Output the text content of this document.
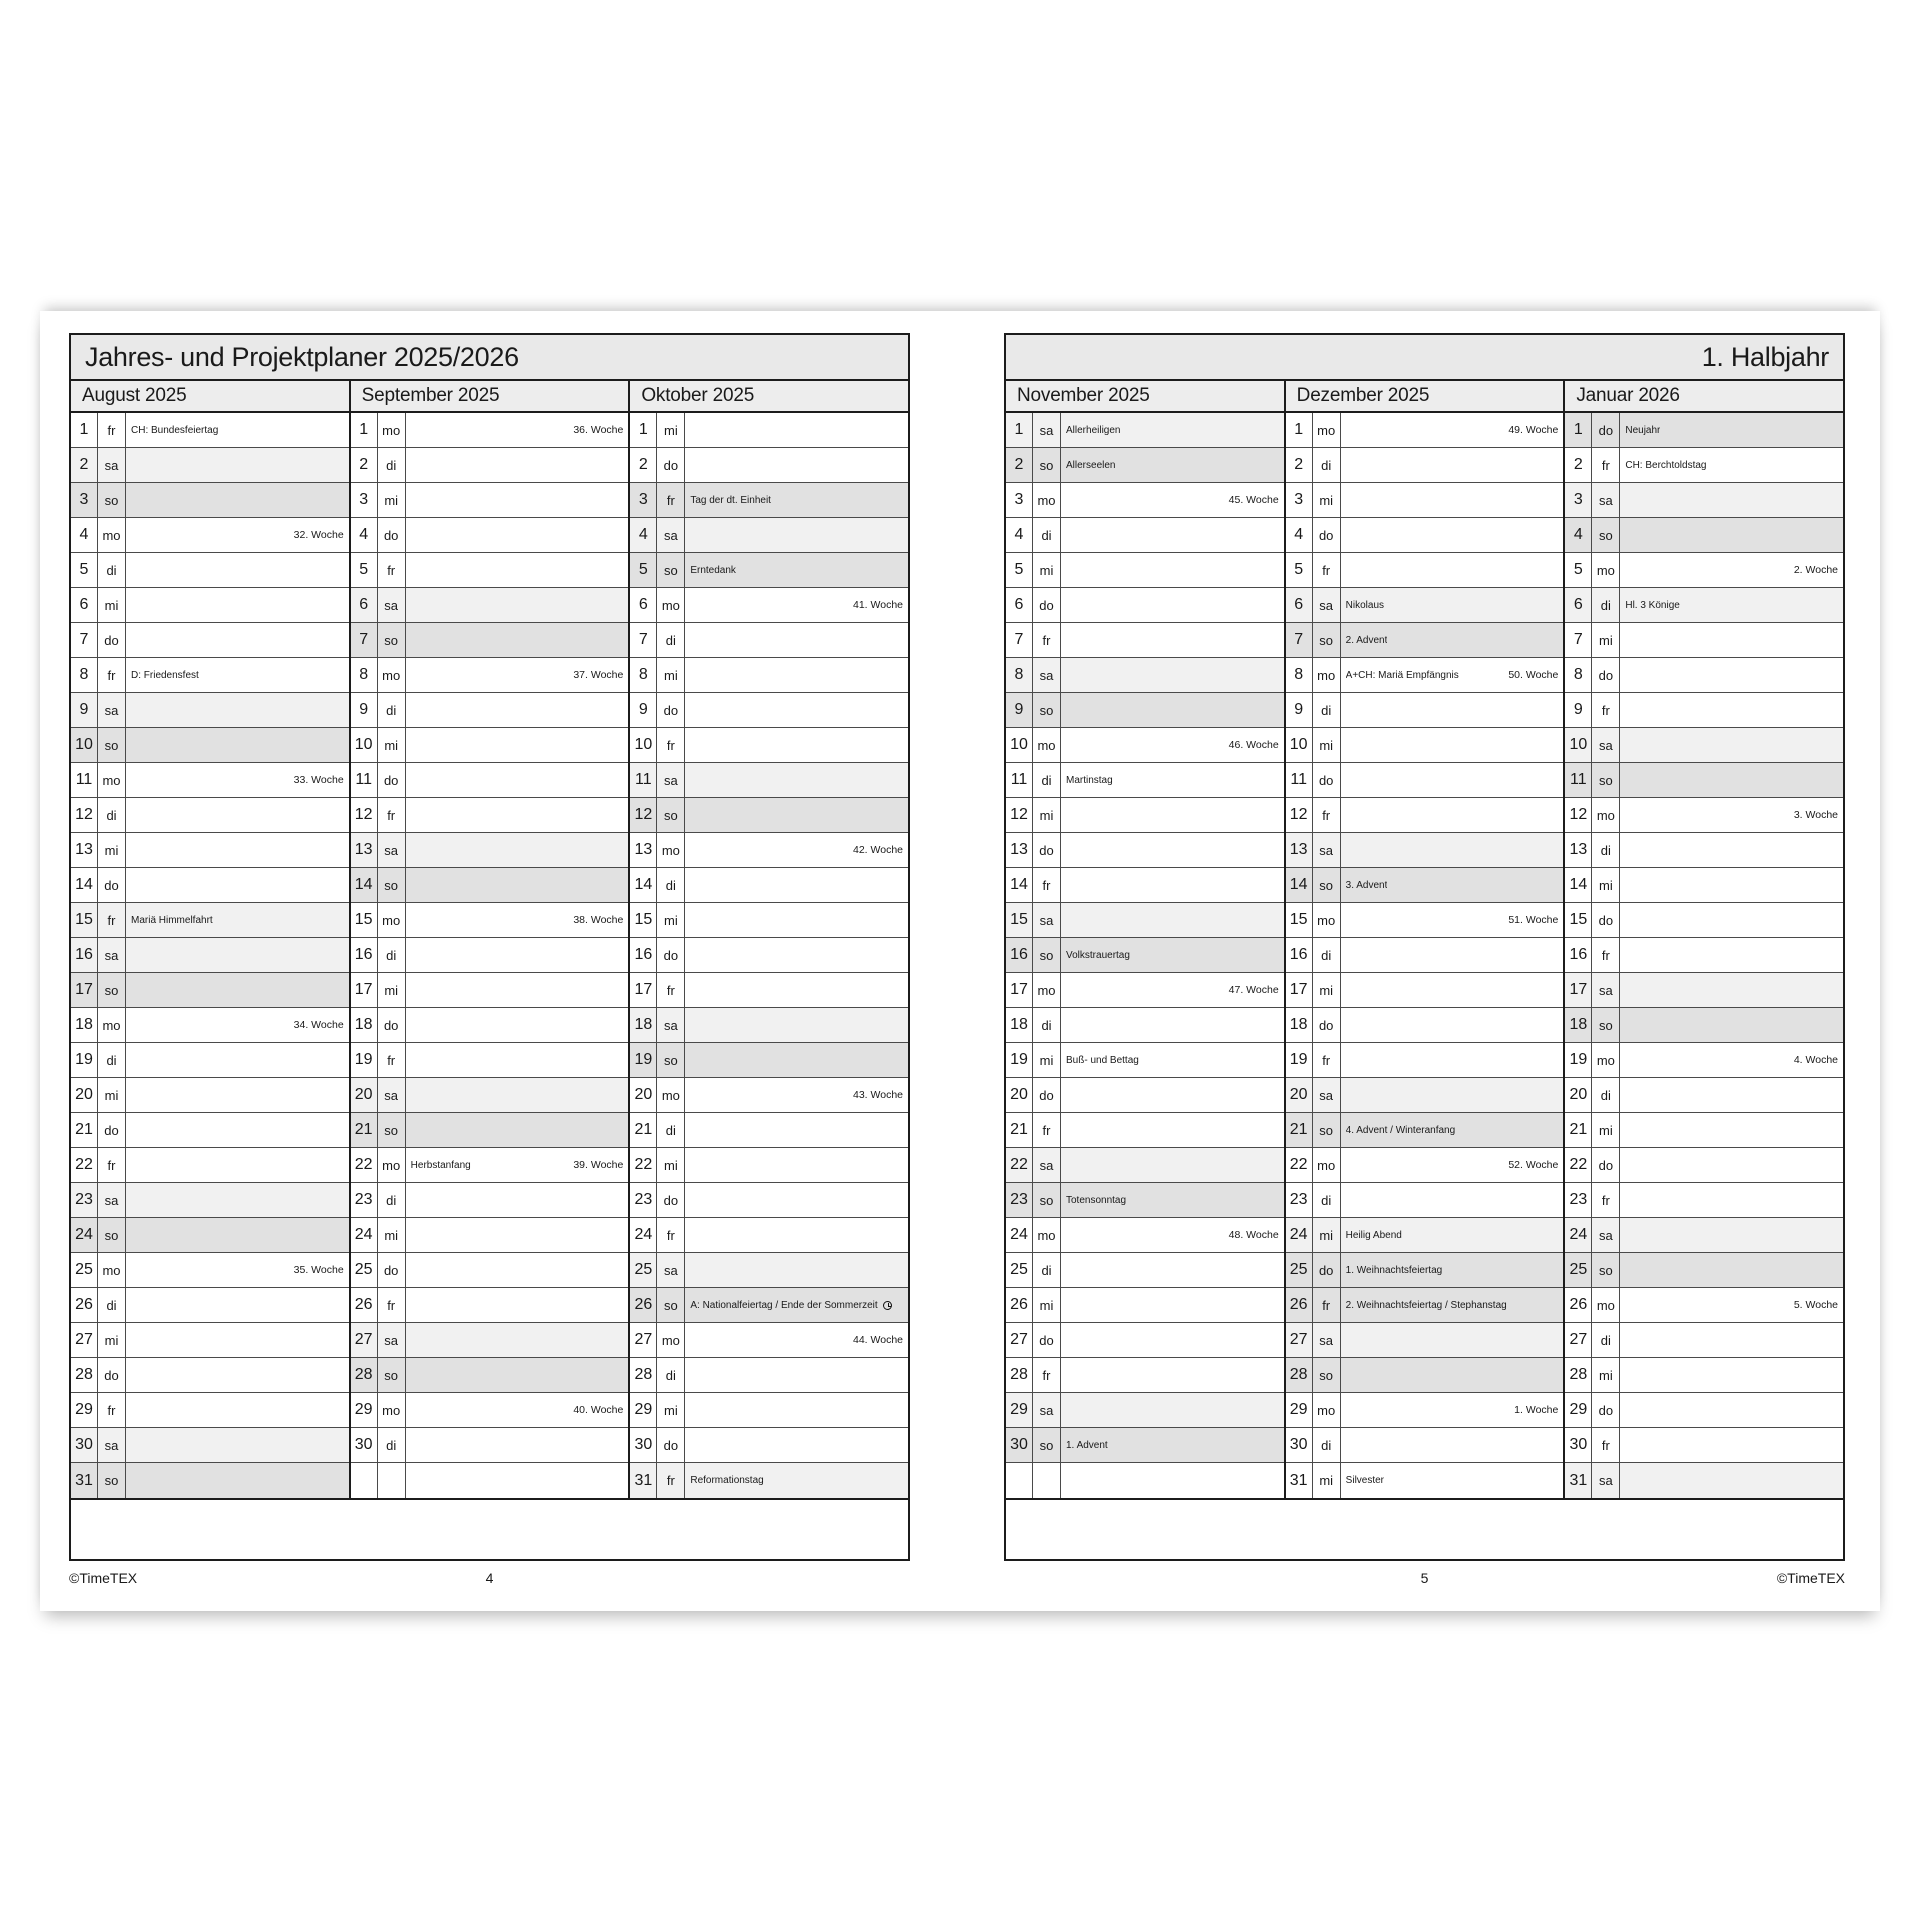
Jahres- und Projektplaner 2025/2026
August 2025	September 2025	Oktober 2025
1	fr	CH: Bundesfeiertag
2	sa
3	so
4	mo	32. Woche
5	di
6	mi
7	do
8	fr	D: Friedensfest
9	sa
10 so
11 mo	33. Woche
12	di
13 mi
14 do
15	fr	Mariä Himmelfahrt
16 sa
17 so
18 mo	34. Woche
19	di
20 mi
21 do
22	fr
23 sa
24 so
25 mo	35. Woche
26	di
27 mi
28 do
29	fr
30 sa
31 so
1	mo	36. Woche
2	di
3	mi
4	do
5	fr
6	sa
7	so
8	mo	37. Woche
9	di
10 mi
11 do
12	fr
13 sa
14 so
15 mo	38. Woche
16	di
17 mi
18 do
19	fr
20 sa
21 so
22 mo	Herbstanfang	39. Woche
23	di
24 mi
25 do
26	fr
27 sa
28 so
29 mo	40. Woche
30	di
1	mi
2	do
3	fr	Tag der dt. Einheit
4	sa
5	so	Erntedank
6	mo	41. Woche
7	di
8	mi
9	do
10	fr
11 sa
12 so
13 mo	42. Woche
14	di
15 mi
16 do
17	fr
18 sa
19 so
20 mo	43. Woche
21	di
22 mi
23 do
24	fr
25 sa
26 so	A: Nationalfeiertag / Ende der Sommerzeit
27 mo	44. Woche
28	di
29 mi
30 do
31	fr	Reformationstag
1. Halbjahr
November 2025	Dezember 2025	Januar 2026
1	sa	Allerheiligen
2	so	Allerseelen
3	mo	45. Woche
4	di
5	mi
6	do
7	fr
8	sa
9	so
10 mo	46. Woche
11	di	Martinstag
12 mi
13 do
14	fr
15 sa
16 so	Volkstrauertag
17 mo	47. Woche
18	di
19 mi	Buß- und Bettag
20 do
21	fr
22 sa
23 so	Totensonntag
24 mo	48. Woche
25	di
26 mi
27 do
28	fr
29 sa
30 so	1. Advent
1	mo	49. Woche
2	di
3	mi
4	do
5	fr
6	sa	Nikolaus
7	so	2. Advent
8	mo	A+CH: Mariä Empfängnis	50. Woche
9	di
10 mi
11 do
12	fr
13 sa
14 so	3. Advent
15 mo	51. Woche
16	di
17 mi
18 do
19	fr
20 sa
21 so	4. Advent / Winteranfang
22 mo	52. Woche
23	di
24 mi	Heilig Abend
25 do	1. Weihnachtsfeiertag
26	fr	2. Weihnachtsfeiertag / Stephanstag
27 sa
28 so
29 mo	1. Woche
30	di
31 mi	Silvester
1	do	Neujahr
2	fr	CH: Berchtoldstag
3	sa
4	so
5	mo	2. Woche
6	di	Hl. 3 Könige
7	mi
8	do
9	fr
10 sa
11 so
12 mo	3. Woche
13	di
14 mi
15 do
16	fr
17 sa
18 so
19 mo	4. Woche
20	di
21 mi
22 do
23	fr
24 sa
25 so
26 mo	5. Woche
27	di
28 mi
29 do
30	fr
31 sa
©TimeTEX	4	5	©TimeTEX
